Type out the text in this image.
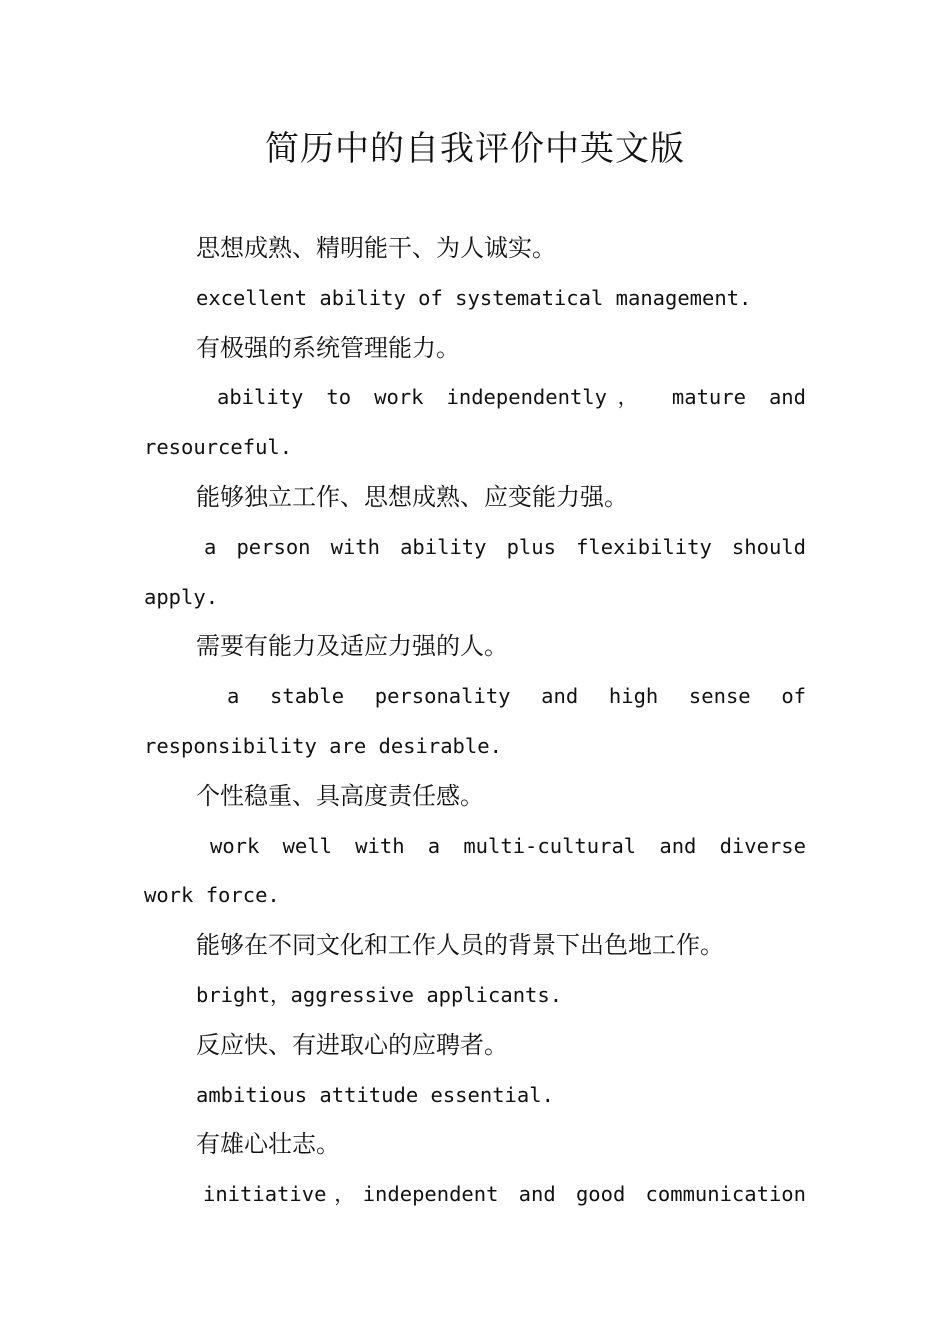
简历中的自我评价中英文版

思想成熟、精明能干、为人诚实。

excellent ability of systematical management.

有极强的系统管理能力。

ability to work independently， mature and
resourceful.

能够独立工作、思想成熟、应变能力强。

a person with ability plus flexibility should
apply.

需要有能力及适应力强的人。

a stable personality and high sense of
responsibility are desirable.

个性稳重、具高度责任感。

work well with a multi-cultural and diverse
work force.

能够在不同文化和工作人员的背景下出色地工作。

bright，aggressive applicants.

反应快、有进取心的应聘者。

ambitious attitude essential.

有雄心壮志。

initiative，independent and good communication
